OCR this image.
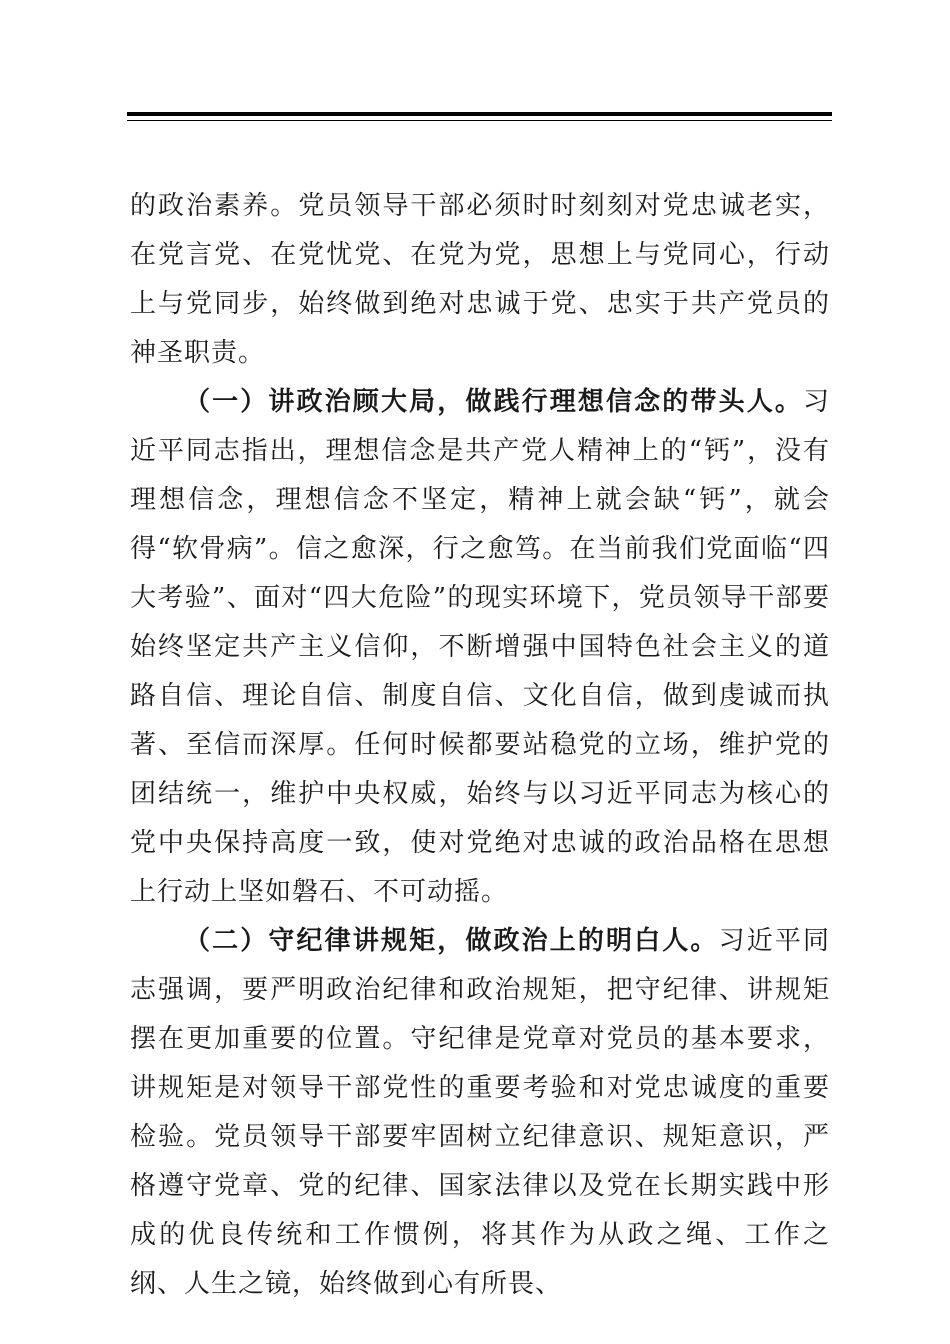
的政治素养。党员领导干部必须时时刻刻对党忠诚老实，在党言党、在党忧党、在党为党，思想上与党同心，行动上与党同步，始终做到绝对忠诚于党、忠实于共产党员的神圣职责。

（一）讲政治顾大局，做践行理想信念的带头人。习近平同志指出，理想信念是共产党人精神上的“钙”，没有理想信念，理想信念不坚定，精神上就会缺“钙”，就会得“软骨病”。信之愈深，行之愈笃。在当前我们党面临“四大考验”、面对“四大危险”的现实环境下，党员领导干部要始终坚定共产主义信仰，不断增强中国特色社会主义的道路自信、理论自信、制度自信、文化自信，做到虔诚而执著、至信而深厚。任何时候都要站稳党的立场，维护党的团结统一，维护中央权威，始终与以习近平同志为核心的党中央保持高度一致，使对党绝对忠诚的政治品格在思想上行动上坚如磐石、不可动摇。

（二）守纪律讲规矩，做政治上的明白人。习近平同志强调，要严明政治纪律和政治规矩，把守纪律、讲规矩摆在更加重要的位置。守纪律是党章对党员的基本要求，讲规矩是对领导干部党性的重要考验和对党忠诚度的重要检验。党员领导干部要牢固树立纪律意识、规矩意识，严格遵守党章、党的纪律、国家法律以及党在长期实践中形成的优良传统和工作惯例，将其作为从政之绳、工作之纲、人生之镜，始终做到心有所畏、
